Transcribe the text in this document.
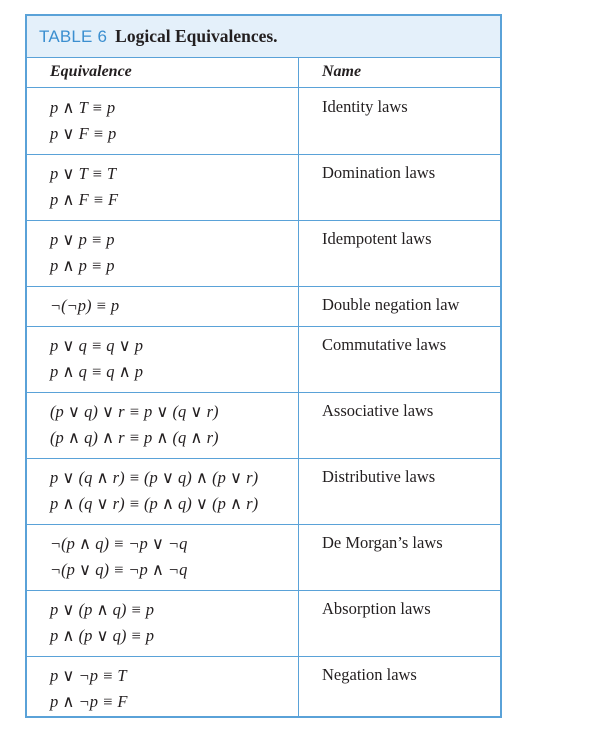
TABLE 6 Logical Equivalences.
Equivalence	Name
p ∧ T ≡ p
p ∨ F ≡ p
Identity laws
p ∨ T ≡ T
p ∧ F ≡ F
Domination laws
p ∨ p ≡ p
p ∧ p ≡ p
Idempotent laws
¬(¬p) ≡ p	Double negation law
p ∨ q ≡ q ∨ p
p ∧ q ≡ q ∧ p
Commutative laws
(p ∨ q) ∨ r ≡ p ∨ (q ∨ r)
(p ∧ q) ∧ r ≡ p ∧ (q ∧ r)
Associative laws
p ∨ (q ∧ r) ≡ (p ∨ q) ∧ (p ∨ r)
p ∧ (q ∨ r) ≡ (p ∧ q) ∨ (p ∧ r)
Distributive laws
¬(p ∧ q) ≡ ¬p ∨ ¬q
¬(p ∨ q) ≡ ¬p ∧ ¬q
De Morgan’s laws
p ∨ (p ∧ q) ≡ p
p ∧ (p ∨ q) ≡ p
Absorption laws
p ∨ ¬p ≡ T
p ∧ ¬p ≡ F
Negation laws
